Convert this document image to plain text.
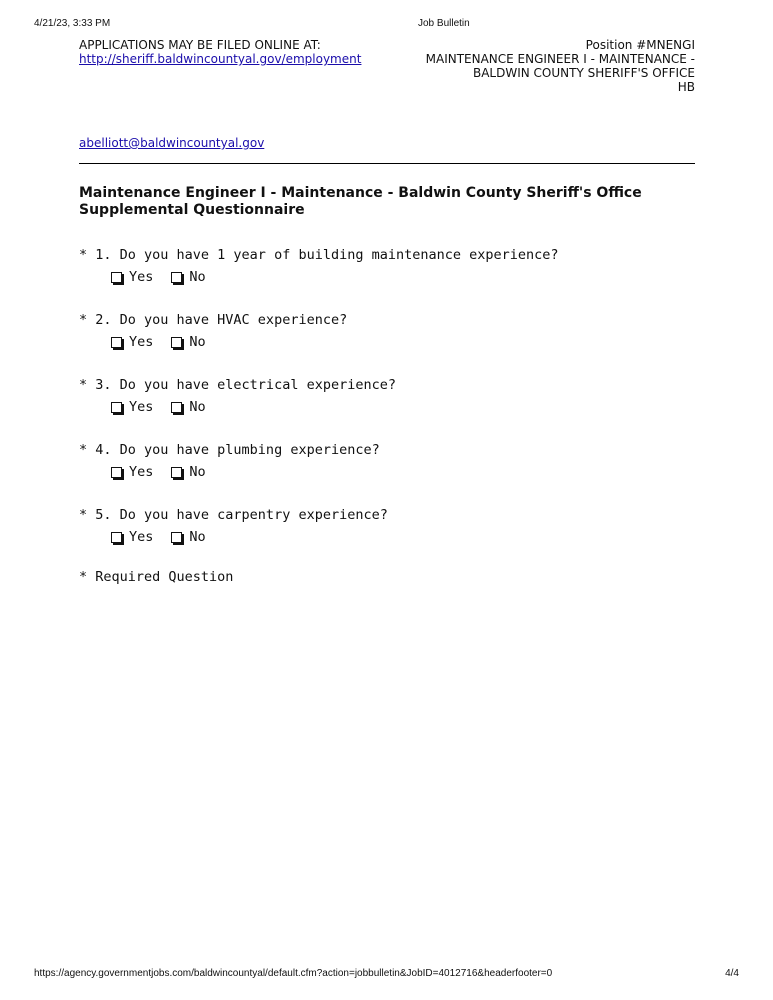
4/21/23, 3:33 PM	Job Bulletin
APPLICATIONS MAY BE FILED ONLINE AT:
http://sheriff.baldwincountyal.gov/employment
Position #MNENGI
MAINTENANCE ENGINEER I - MAINTENANCE -
BALDWIN COUNTY SHERIFF'S OFFICE
HB
abelliott@baldwincountyal.gov
Maintenance Engineer I - Maintenance - Baldwin County Sheriff's Office
Supplemental Questionnaire
* 1. Do you have 1 year of building maintenance experience?
Yes	No
* 2. Do you have HVAC experience?
Yes	No
* 3. Do you have electrical experience?
Yes	No
* 4. Do you have plumbing experience?
Yes	No
* 5. Do you have carpentry experience?
Yes	No
* Required Question
https://agency.governmentjobs.com/baldwincountyal/default.cfm?action=jobbulletin&JobID=4012716&headerfooter=0	4/4
